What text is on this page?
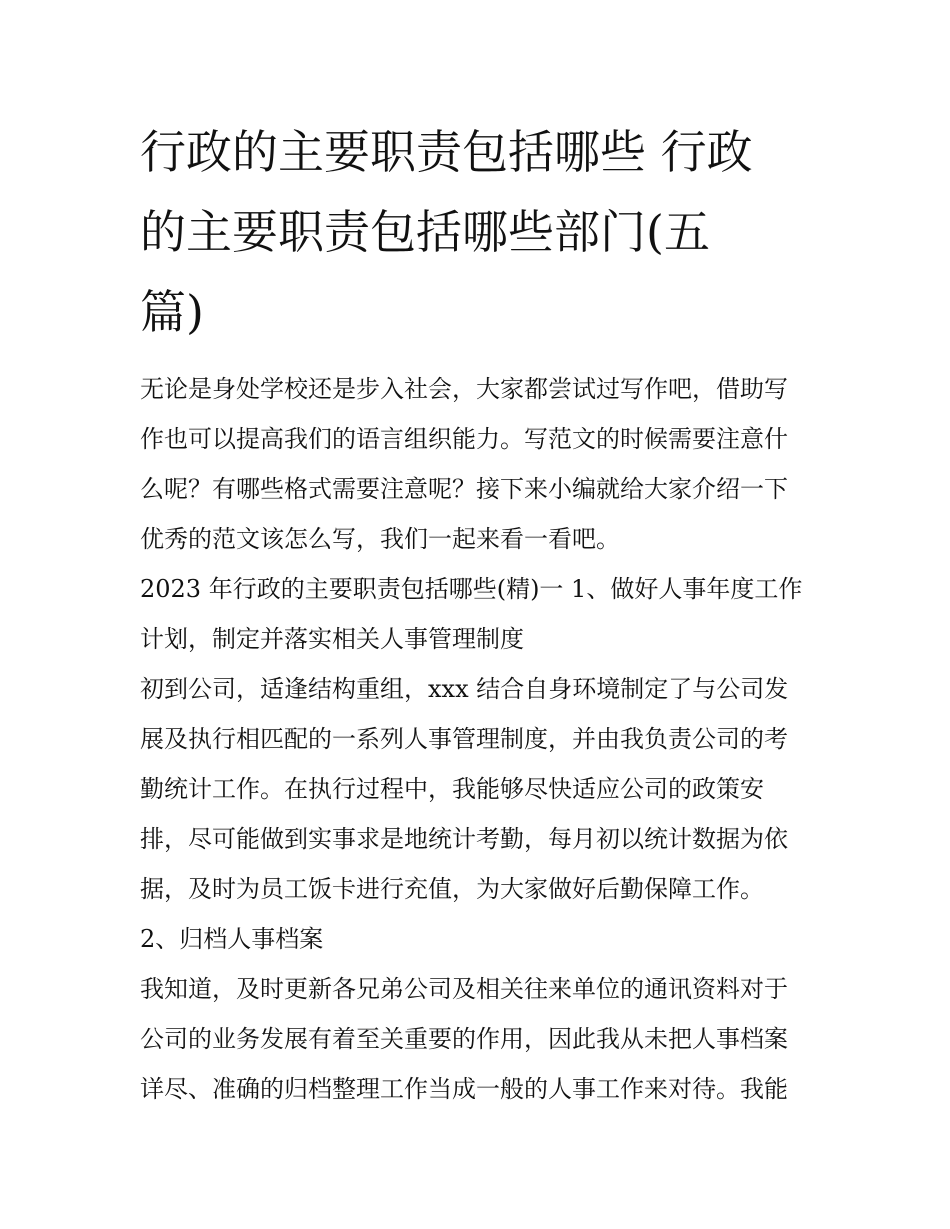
行政的主要职责包括哪些 行政
的主要职责包括哪些部门(五
篇)
无论是身处学校还是步入社会，大家都尝试过写作吧，借助写
作也可以提高我们的语言组织能力。写范文的时候需要注意什
么呢？有哪些格式需要注意呢？接下来小编就给大家介绍一下
优秀的范文该怎么写，我们一起来看一看吧。
2023 年行政的主要职责包括哪些(精)一 1、做好人事年度工作
计划，制定并落实相关人事管理制度
初到公司，适逢结构重组，xxx 结合自身环境制定了与公司发
展及执行相匹配的一系列人事管理制度，并由我负责公司的考
勤统计工作。在执行过程中，我能够尽快适应公司的政策安
排，尽可能做到实事求是地统计考勤，每月初以统计数据为依
据，及时为员工饭卡进行充值，为大家做好后勤保障工作。
2、归档人事档案
我知道，及时更新各兄弟公司及相关往来单位的通讯资料对于
公司的业务发展有着至关重要的作用，因此我从未把人事档案
详尽、准确的归档整理工作当成一般的人事工作来对待。我能
